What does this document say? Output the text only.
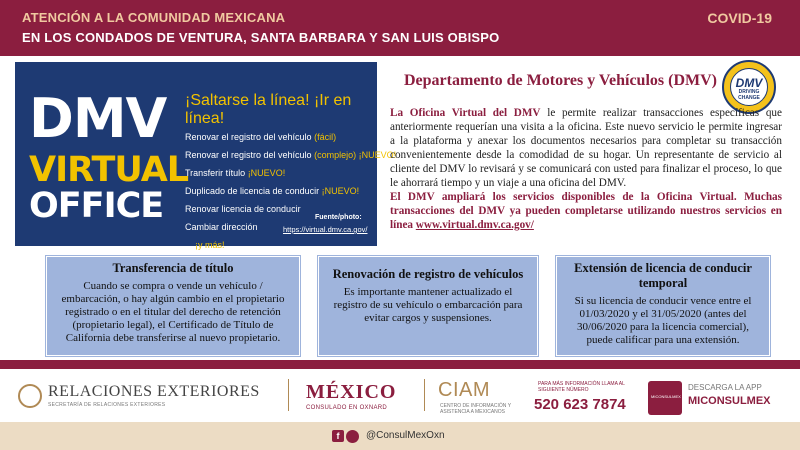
ATENCIÓN A LA COMUNIDAD MEXICANA
EN LOS CONDADOS DE VENTURA, SANTA BARBARA Y SAN LUIS OBISPO
COVID-19
DMV
VIRTUAL
OFFICE
¡Saltarse la línea! ¡Ir en línea!
Renovar el registro del vehículo (fácil)
Renovar el registro del vehículo (complejo) ¡NUEVO!
Transferir título ¡NUEVO!
Duplicado de licencia de conducir ¡NUEVO!
Renovar licencia de conducir
Cambiar dirección
... ¡y más!
Fuente/photo:
https://virtual.dmv.ca.gov/
Departamento de Motores y Vehículos (DMV)	DMV
DRIVING CHANGE

La Oficina Virtual del DMV le permite realizar transacciones específicas que anteriormente requerían una visita a la oficina. Este nuevo servicio le permite ingresar a la plataforma y anexar los documentos necesarios para completar su transacción convenientemente desde la comodidad de su hogar. Un representante de servicio al cliente del DMV lo revisará y se comunicará con usted para finalizar el proceso, lo que le ahorrará tiempo y un viaje a una oficina del DMV.

El DMV ampliará los servicios disponibles de la Oficina Virtual. Muchas transacciones del DMV ya pueden completarse utilizando nuestros servicios en línea www.virtual.dmv.ca.gov/

Transferencia de título
Cuando se compra o vende un vehículo / embarcación, o hay algún cambio en el propietario registrado o en el titular del derecho de retención (propietario legal), el Certificado de Título de California debe transferirse al nuevo propietario.
Renovación de registro de vehículos
Es importante mantener actualizado el registro de su vehículo o embarcación para evitar cargos y suspensiones.
Extensión de licencia de conducir temporal
Si su licencia de conducir vence entre el 01/03/2020 y el 31/05/2020 (antes del 30/06/2020 para la licencia comercial), puede calificar para una extensión.
RELACIONES EXTERIORES
SECRETARÍA DE RELACIONES EXTERIORES
MÉXICO
CONSULADO EN OXNARD
CIAM
CENTRO DE INFORMACIÓN Y ASISTENCIA A MEXICANOS
PARA MÁS INFORMACIÓN LLAMA AL SIGUIENTE NÚMERO
520 623 7874	MICONSULMEX
DESCARGA LA APP
MICONSULMEX
f	@ConsulMexOxn
